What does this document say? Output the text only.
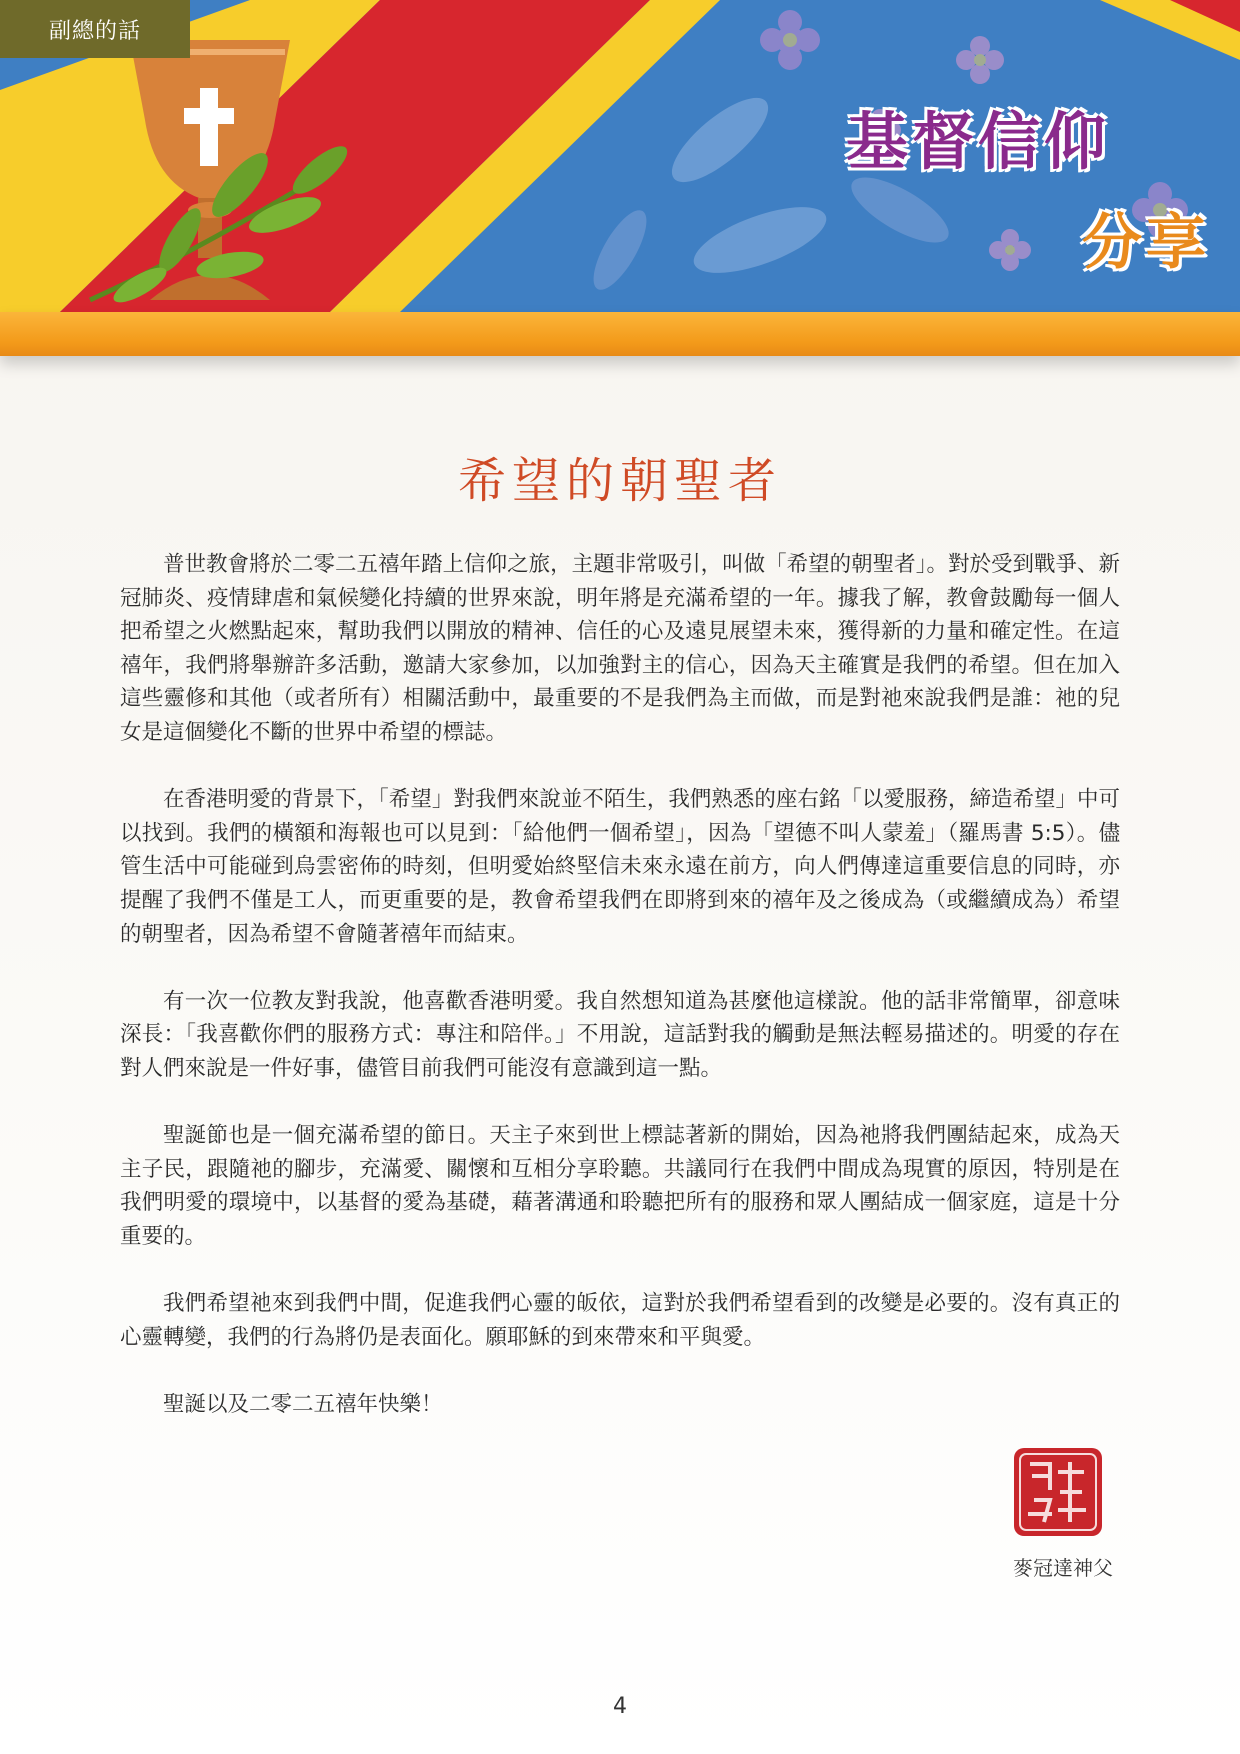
副總的話
基督信仰
分享
希望的朝聖者

普世教會將於二零二五禧年踏上信仰之旅，主題非常吸引，叫做「希望的朝聖者」。對於受到戰爭、新冠肺炎、疫情肆虐和氣候變化持續的世界來說，明年將是充滿希望的一年。據我了解，教會鼓勵每一個人把希望之火燃點起來，幫助我們以開放的精神、信任的心及遠見展望未來，獲得新的力量和確定性。在這禧年，我們將舉辦許多活動，邀請大家參加，以加強對主的信心，因為天主確實是我們的希望。但在加入這些靈修和其他（或者所有）相關活動中，最重要的不是我們為主而做，而是對祂來說我們是誰：祂的兒女是這個變化不斷的世界中希望的標誌。

在香港明愛的背景下，「希望」對我們來說並不陌生，我們熟悉的座右銘「以愛服務，締造希望」中可以找到。我們的橫額和海報也可以見到：「給他們一個希望」，因為「望德不叫人蒙羞」（羅馬書 5:5）。儘管生活中可能碰到烏雲密佈的時刻，但明愛始終堅信未來永遠在前方，向人們傳達這重要信息的同時，亦提醒了我們不僅是工人，而更重要的是，教會希望我們在即將到來的禧年及之後成為（或繼續成為）希望的朝聖者，因為希望不會隨著禧年而結束。

有一次一位教友對我說，他喜歡香港明愛。我自然想知道為甚麼他這樣說。他的話非常簡單，卻意味深長：「我喜歡你們的服務方式：專注和陪伴。」不用說，這話對我的觸動是無法輕易描述的。明愛的存在對人們來說是一件好事，儘管目前我們可能沒有意識到這一點。

聖誕節也是一個充滿希望的節日。天主子來到世上標誌著新的開始，因為祂將我們團結起來，成為天主子民，跟隨祂的腳步，充滿愛、關懷和互相分享聆聽。共議同行在我們中間成為現實的原因，特別是在我們明愛的環境中，以基督的愛為基礎，藉著溝通和聆聽把所有的服務和眾人團結成一個家庭，這是十分重要的。

我們希望祂來到我們中間，促進我們心靈的皈依，這對於我們希望看到的改變是必要的。沒有真正的心靈轉變，我們的行為將仍是表面化。願耶穌的到來帶來和平與愛。

聖誕以及二零二五禧年快樂！

麥冠達神父
4
